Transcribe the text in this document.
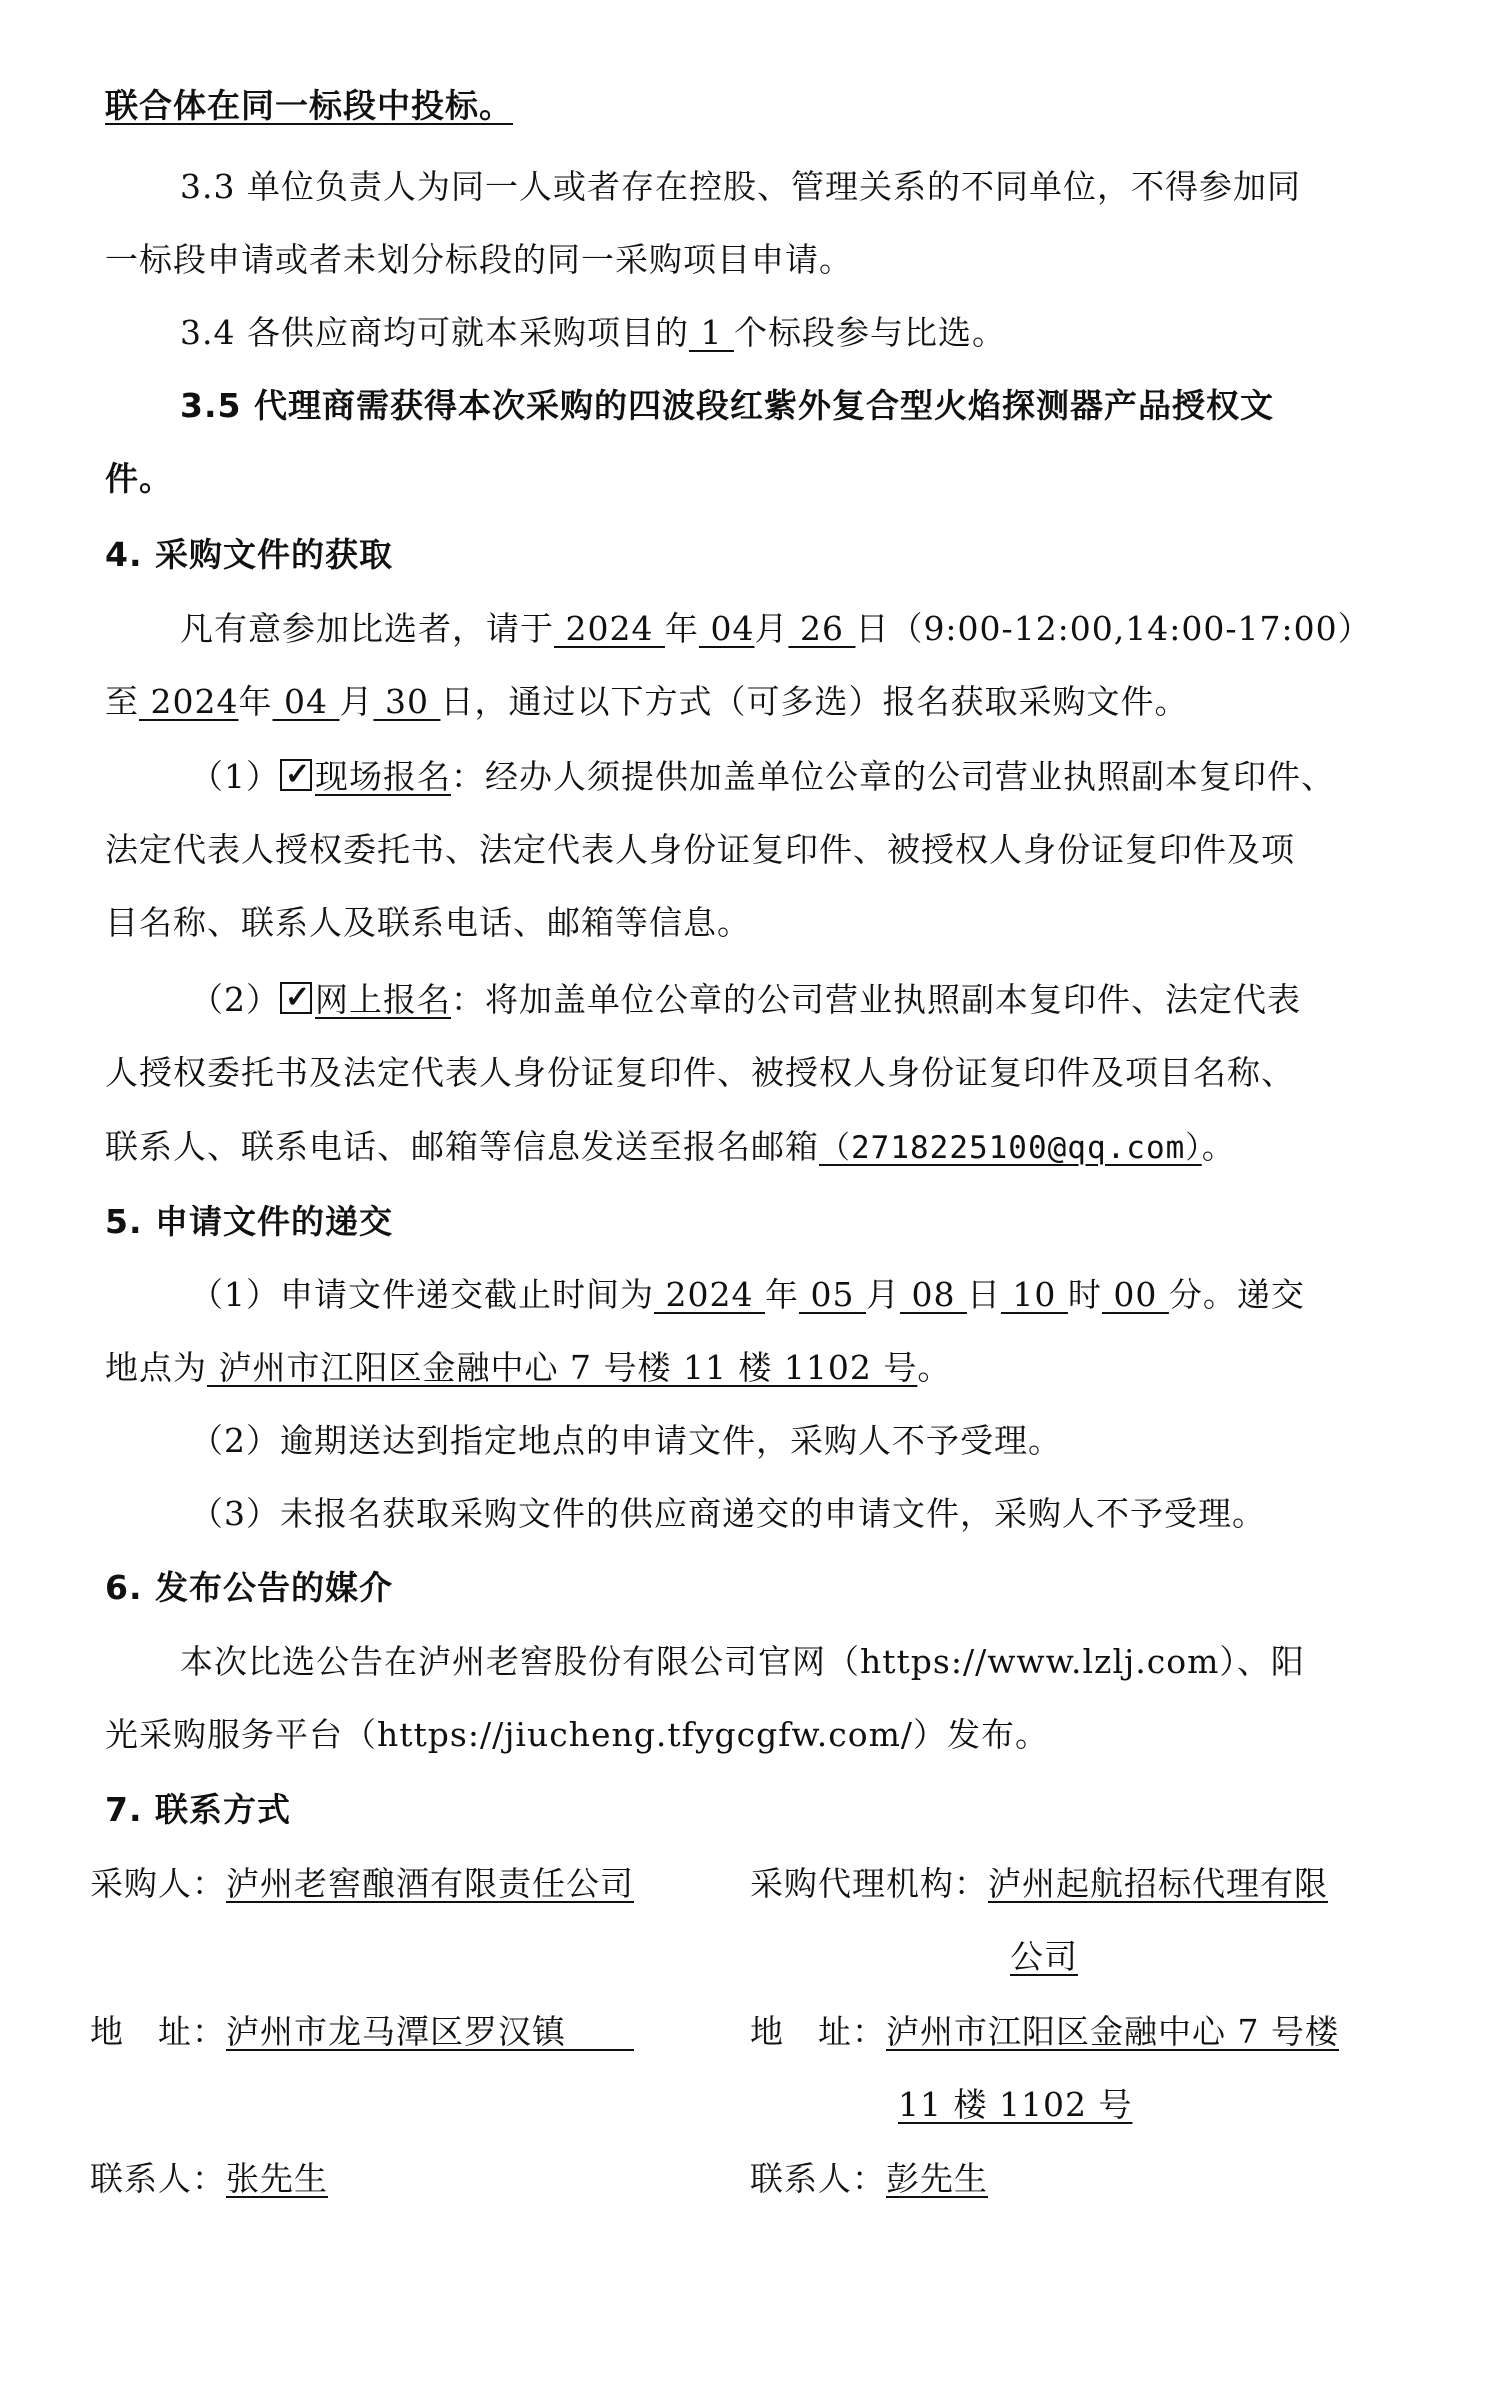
联合体在同一标段中投标。
3.3 单位负责人为同一人或者存在控股、管理关系的不同单位，不得参加同
一标段申请或者未划分标段的同一采购项目申请。
3.4 各供应商均可就本采购项目的 1 个标段参与比选。
3.5 代理商需获得本次采购的四波段红紫外复合型火焰探测器产品授权文
件。
4. 采购文件的获取
凡有意参加比选者，请于 2024 年 04月 26 日（9:00-12:00,14:00-17:00）
至 2024年 04 月 30 日，通过以下方式（可多选）报名获取采购文件。
（1） ✓ 现场报名：经办人须提供加盖单位公章的公司营业执照副本复印件、
法定代表人授权委托书、法定代表人身份证复印件、被授权人身份证复印件及项
目名称、联系人及联系电话、邮箱等信息。
（2） ✓ 网上报名：将加盖单位公章的公司营业执照副本复印件、法定代表
人授权委托书及法定代表人身份证复印件、被授权人身份证复印件及项目名称、
联系人、联系电话、邮箱等信息发送至报名邮箱（2718225100@qq.com）。
5. 申请文件的递交
（1）申请文件递交截止时间为 2024 年 05 月 08 日 10 时 00 分。递交
地点为 泸州市江阳区金融中心 7 号楼 11 楼 1102 号。
（2）逾期送达到指定地点的申请文件，采购人不予受理。
（3）未报名获取采购文件的供应商递交的申请文件，采购人不予受理。
6. 发布公告的媒介
本次比选公告在泸州老窖股份有限公司官网（https://www.lzlj.com）、阳
光采购服务平台（https://jiucheng.tfygcgfw.com/）发布。
7. 联系方式
采购人：泸州老窖酿酒有限责任公司	采购代理机构：泸州起航招标代理有限
公司
地　址：泸州市龙马潭区罗汉镇　　	地　址：泸州市江阳区金融中心 7 号楼
11 楼 1102 号
联系人：张先生	联系人：彭先生
